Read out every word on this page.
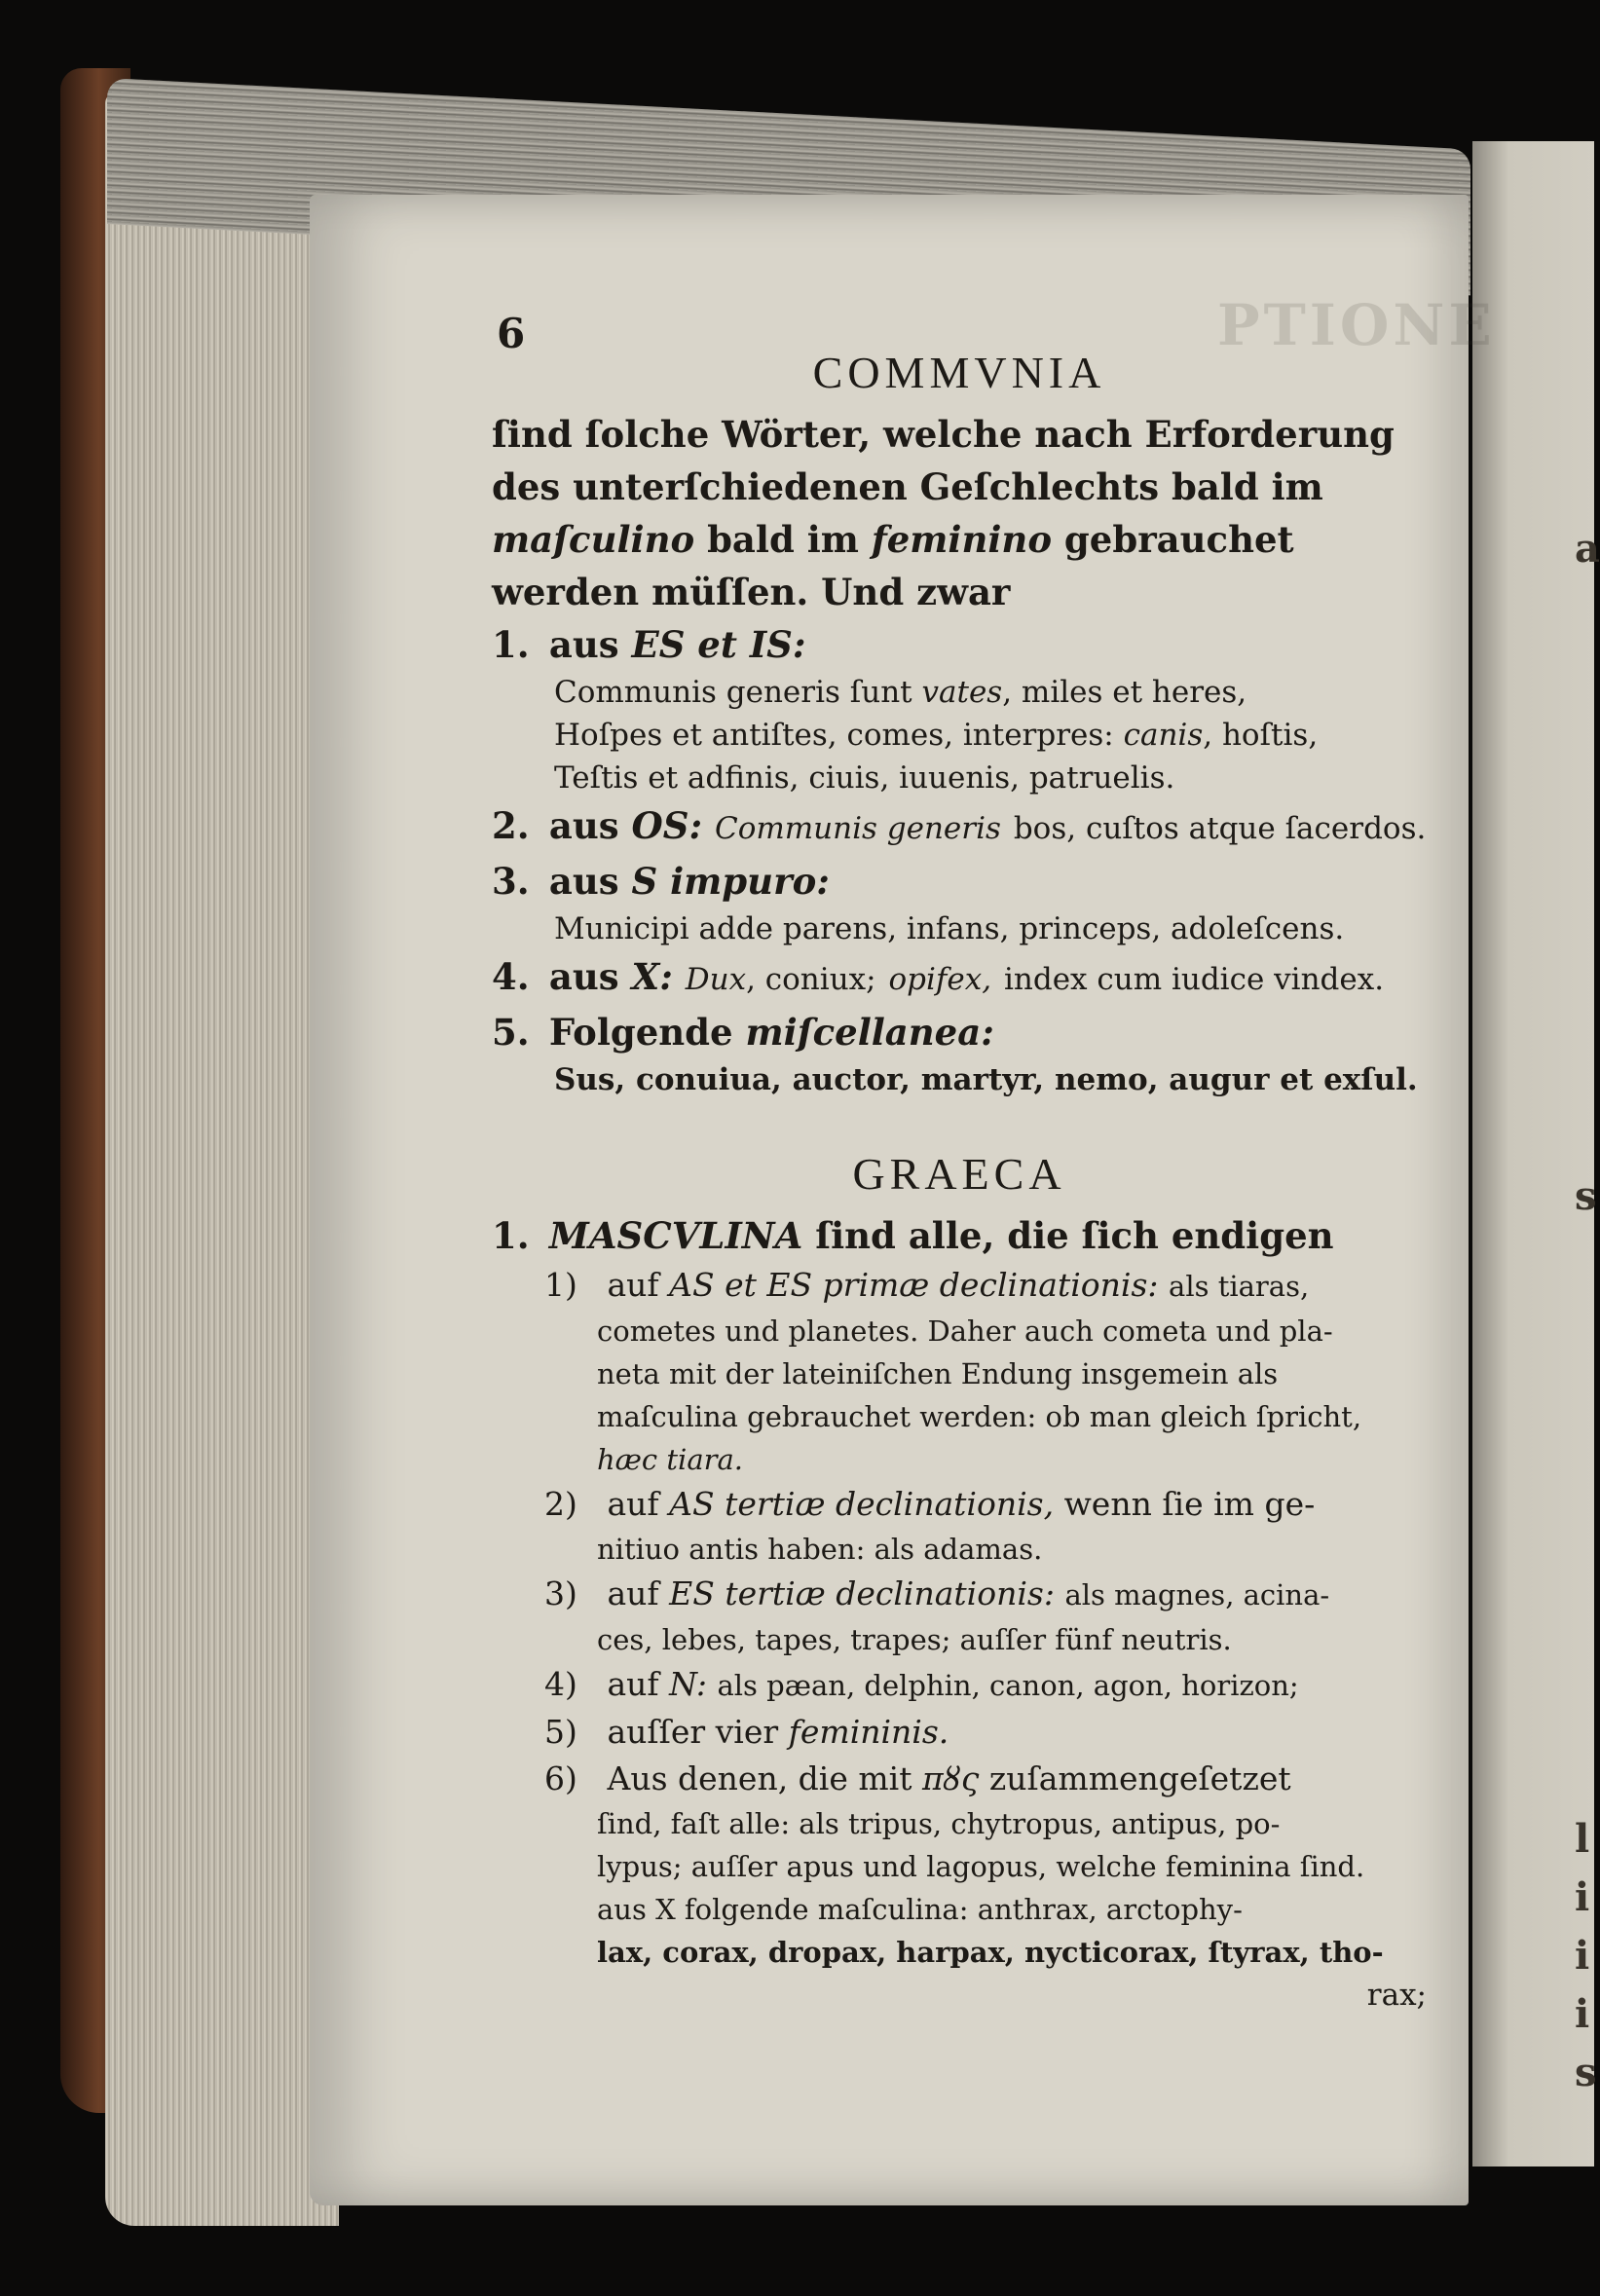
a
s
l
i
i
i
s
PTIONE
6
COMMVNIA

ſind ſolche Wörter, welche nach Erforderung des unterſchiedenen Geſchlechts bald im maſculino bald im feminino gebrauchet werden müſſen. Und zwar

1. aus ES et IS:

Communis generis ſunt vates, miles et heres,

Hoſpes et antiſtes, comes, interpres: canis, hoſtis,

Teſtis et adfinis, ciuis, iuuenis, patruelis.

2. aus OS: Communis generis bos, cuſtos atque ſacerdos.

3. aus S impuro:

Municipi adde parens, infans, princeps, adoleſcens.

4. aus X: Dux, coniux; opifex, index cum iudice vindex.

5. Folgende miſcellanea:

Sus, conuiua, auctor, martyr, nemo, augur et exſul.

GRAECA

1. MASCVLINA ſind alle, die ſich endigen

1) auf AS et ES primæ declinationis: als tiaras,

cometes und planetes. Daher auch cometa und pla-

neta mit der lateiniſchen Endung insgemein als

maſculina gebrauchet werden: ob man gleich ſpricht,

hæc tiara.

2) auf AS tertiæ declinationis, wenn ſie im ge-

nitiuo antis haben: als adamas.

3) auf ES tertiæ declinationis: als magnes, acina-

ces, lebes, tapes, trapes; auſſer fünf neutris.

4) auf N: als pæan, delphin, canon, agon, horizon;

5) auſſer vier femininis.

6) Aus denen, die mit πȣς zuſammengeſetzet

ſind, faſt alle: als tripus, chytropus, antipus, po-

lypus; auſſer apus und lagopus, welche feminina ſind.

aus X folgende maſculina: anthrax, arctophy-

lax, corax, dropax, harpax, nycticorax, ſtyrax, tho-

rax;
